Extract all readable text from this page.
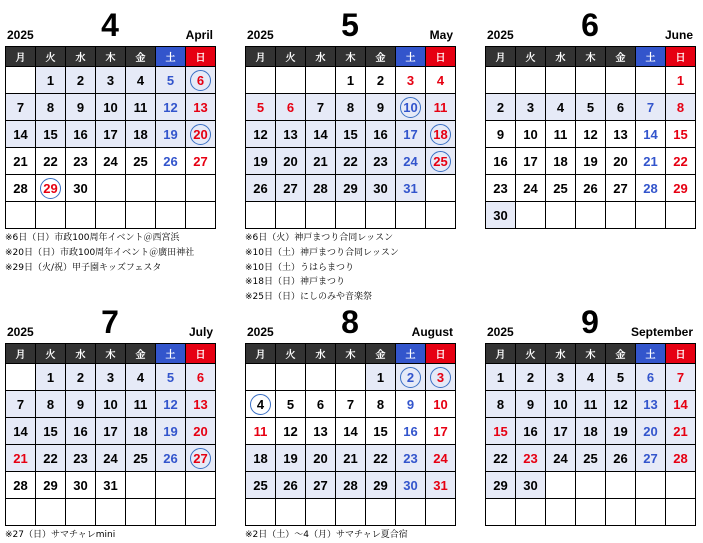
2025	4	April
月	火	水	木	金	土	日
	1	2	3	4	5	6
7	8	9	10	11	12	13
14	15	16	17	18	19	20
21	22	23	24	25	26	27
28	29	30				

※6日（日）市政100周年イベント＠西宮浜
※20日（日）市政100周年イベント＠廣田神社
※29日（火/祝）甲子園キッズフェスタ
2025	5	May
月	火	水	木	金	土	日
			1	2	3	4
5	6	7	8	9	10	11
12	13	14	15	16	17	18
19	20	21	22	23	24	25
26	27	28	29	30	31	

※6日（火）神戸まつり合同レッスン
※10日（土）神戸まつり合同レッスン
※10日（土）うはらまつり
※18日（日）神戸まつり
※25日（日）にしのみや音楽祭
2025	6	June
月	火	水	木	金	土	日
						1
2	3	4	5	6	7	8
9	10	11	12	13	14	15
16	17	18	19	20	21	22
23	24	25	26	27	28	29
30						
2025	7	July
月	火	水	木	金	土	日
	1	2	3	4	5	6
7	8	9	10	11	12	13
14	15	16	17	18	19	20
21	22	23	24	25	26	27
28	29	30	31			

※27（日）サマチャレmini
2025	8	August
月	火	水	木	金	土	日
				1	2	3
4	5	6	7	8	9	10
11	12	13	14	15	16	17
18	19	20	21	22	23	24
25	26	27	28	29	30	31

※2日（土）～4（月）サマチャレ夏合宿
2025	9	September
月	火	水	木	金	土	日
1	2	3	4	5	6	7
8	9	10	11	12	13	14
15	16	17	18	19	20	21
22	23	24	25	26	27	28
29	30					
